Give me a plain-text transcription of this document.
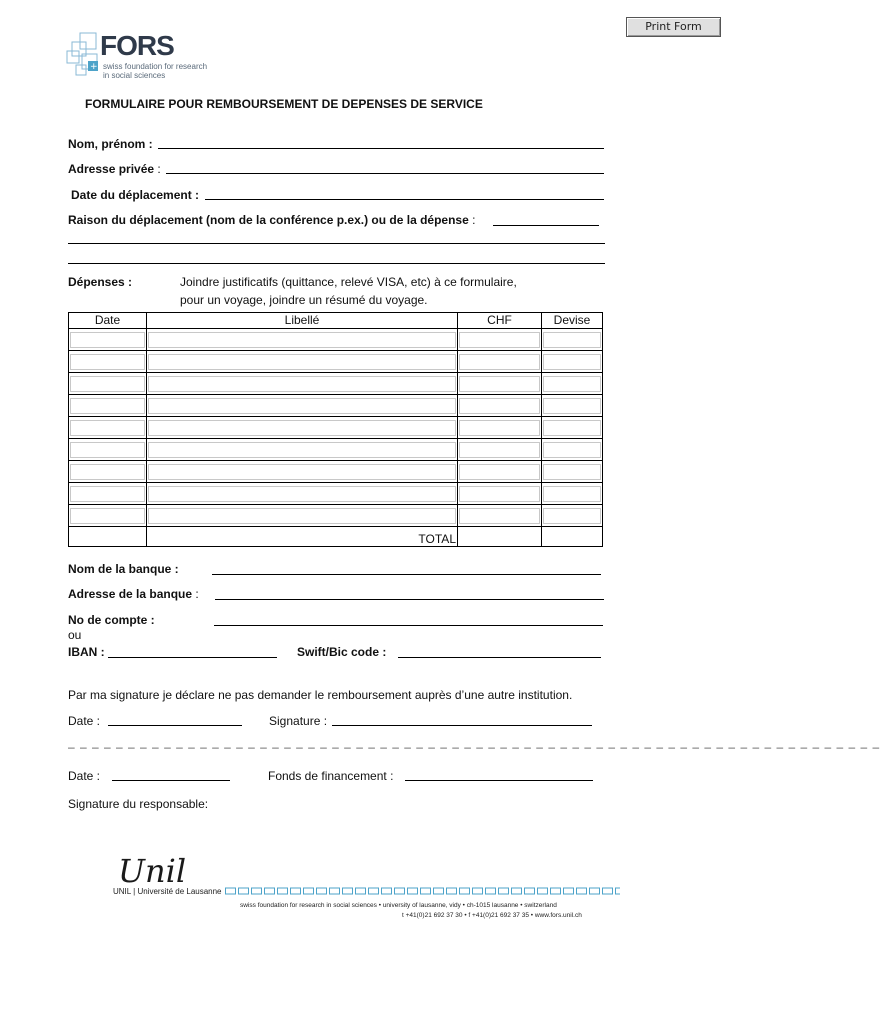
Print Form
+
FORS
swiss foundation for research
in social sciences
FORMULAIRE POUR REMBOURSEMENT DE DEPENSES DE SERVICE
Nom, prénom :
Adresse privée :
Date du déplacement :
Raison du déplacement (nom de la conférence p.ex.) ou de la dépense :
Dépenses :	Joindre justificatifs (quittance, relevé VISA, etc) à ce formulaire,
pour un voyage, joindre un résumé du voyage.
Date	Libellé	CHF	Devise

	TOTAL		
Nom de la banque :
Adresse de la banque :
No de compte :
ou
IBAN :	Swift/Bic code :
Par ma signature je déclare ne pas demander le remboursement auprès d’une autre institution.
Date :	Signature :
– – – – – – – – – – – – – – – – – – – – – – – – – – – – – – – – – – – – – – – – – – – – – – – – – – – – – – – – – – – – – – – – – – – –
Date :	Fonds de financement :
Signature du responsable:
Unil
UNIL | Université de Lausanne
swiss foundation for research in social sciences • university of lausanne, vidy • ch-1015 lausanne • switzerland
t +41(0)21 692 37 30 • f +41(0)21 692 37 35 • www.fors.unil.ch
